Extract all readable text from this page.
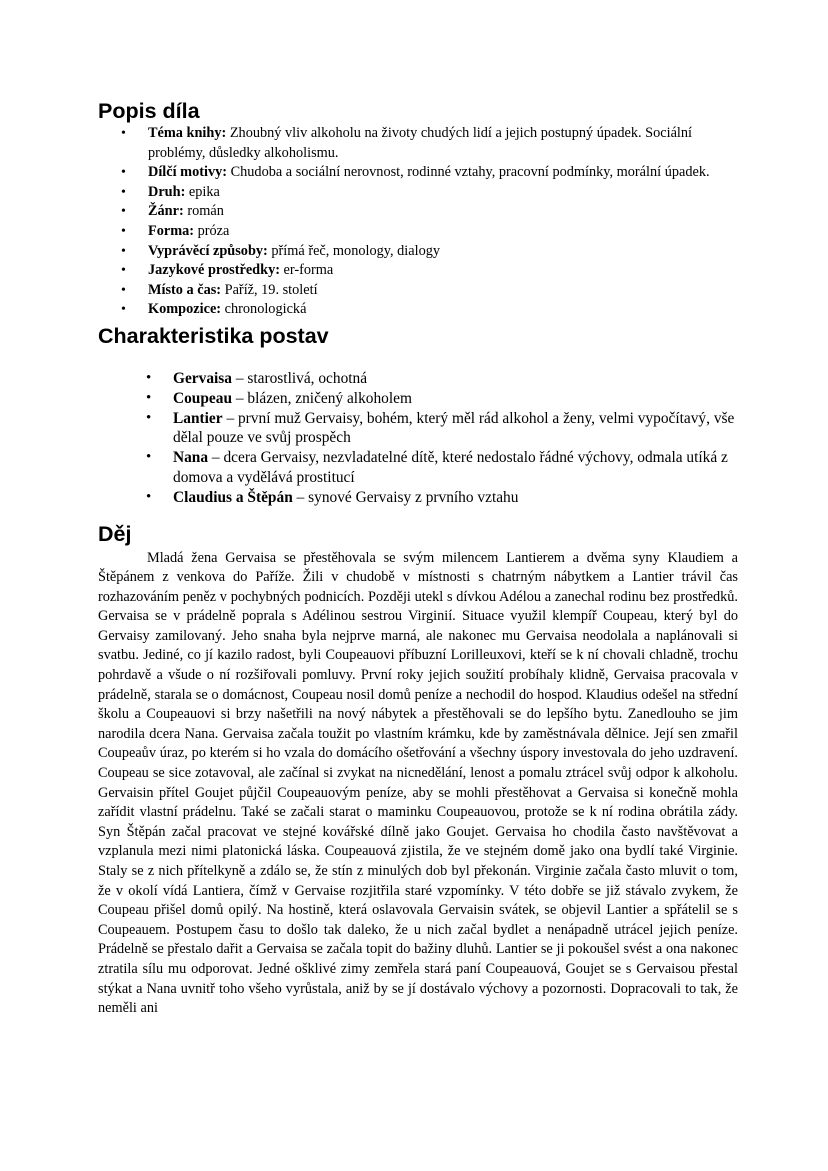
Popis díla
• Téma knihy: Zhoubný vliv alkoholu na životy chudých lidí a jejich postupný úpadek. Sociální problémy, důsledky alkoholismu.
• Dílčí motivy: Chudoba a sociální nerovnost, rodinné vztahy, pracovní podmínky, morální úpadek.
• Druh: epika
• Žánr: román
• Forma: próza
• Vyprávěcí způsoby: přímá řeč, monology, dialogy
• Jazykové prostředky: er-forma
• Místo a čas: Paříž, 19. století
• Kompozice: chronologická
Charakteristika postav
• Gervaisa – starostlivá, ochotná
• Coupeau – blázen, zničený alkoholem
• Lantier – první muž Gervaisy, bohém, který měl rád alkohol a ženy, velmi vypočítavý, vše dělal pouze ve svůj prospěch
• Nana – dcera Gervaisy, nezvladatelné dítě, které nedostalo řádné výchovy, odmala utíká z domova a vydělává prostitucí
• Claudius a Štěpán – synové Gervaisy z prvního vztahu
Děj

Mladá žena Gervaisa se přestěhovala se svým milencem Lantierem a dvěma syny Klaudiem a Štěpánem z venkova do Paříže. Žili v chudobě v místnosti s chatrným nábytkem a Lantier trávil čas rozhazováním peněz v pochybných podnicích. Později utekl s dívkou Adélou a zanechal rodinu bez prostředků. Gervaisa se v prádelně poprala s Adélinou sestrou Virginií. Situace využil klempíř Coupeau, který byl do Gervaisy zamilovaný. Jeho snaha byla nejprve marná, ale nakonec mu Gervaisa neodolala a naplánovali si svatbu. Jediné, co jí kazilo radost, byli Coupeauovi příbuzní Lorilleuxovi, kteří se k ní chovali chladně, trochu pohrdavě a všude o ní rozšiřovali pomluvy. První roky jejich soužití probíhaly klidně, Gervaisa pracovala v prádelně, starala se o domácnost, Coupeau nosil domů peníze a nechodil do hospod. Klaudius odešel na střední školu a Coupeauovi si brzy našetřili na nový nábytek a přestěhovali se do lepšího bytu. Zanedlouho se jim narodila dcera Nana. Gervaisa začala toužit po vlastním krámku, kde by zaměstnávala dělnice. Její sen zmařil Coupeaův úraz, po kterém si ho vzala do domácího ošetřování a všechny úspory investovala do jeho uzdravení. Coupeau se sice zotavoval, ale začínal si zvykat na nicnedělání, lenost a pomalu ztrácel svůj odpor k alkoholu. Gervaisin přítel Goujet půjčil Coupeauovým peníze, aby se mohli přestěhovat a Gervaisa si konečně mohla zařídit vlastní prádelnu. Také se začali starat o maminku Coupeauovou, protože se k ní rodina obrátila zády. Syn Štěpán začal pracovat ve stejné kovářské dílně jako Goujet. Gervaisa ho chodila často navštěvovat a vzplanula mezi nimi platonická láska. Coupeauová zjistila, že ve stejném domě jako ona bydlí také Virginie. Staly se z nich přítelkyně a zdálo se, že stín z minulých dob byl překonán. Virginie začala často mluvit o tom, že v okolí vídá Lantiera, čímž v Gervaise rozjitřila staré vzpomínky. V této dobře se již stávalo zvykem, že Coupeau přišel domů opilý. Na hostině, která oslavovala Gervaisin svátek, se objevil Lantier a spřátelil se s Coupeauem. Postupem času to došlo tak daleko, že u nich začal bydlet a nenápadně utrácel jejich peníze. Prádelně se přestalo dařit a Gervaisa se začala topit do bažiny dluhů. Lantier se ji pokoušel svést a ona nakonec ztratila sílu mu odporovat. Jedné ošklivé zimy zemřela stará paní Coupeauová, Goujet se s Gervaisou přestal stýkat a Nana uvnitř toho všeho vyrůstala, aniž by se jí dostávalo výchovy a pozornosti. Dopracovali to tak, že neměli ani
